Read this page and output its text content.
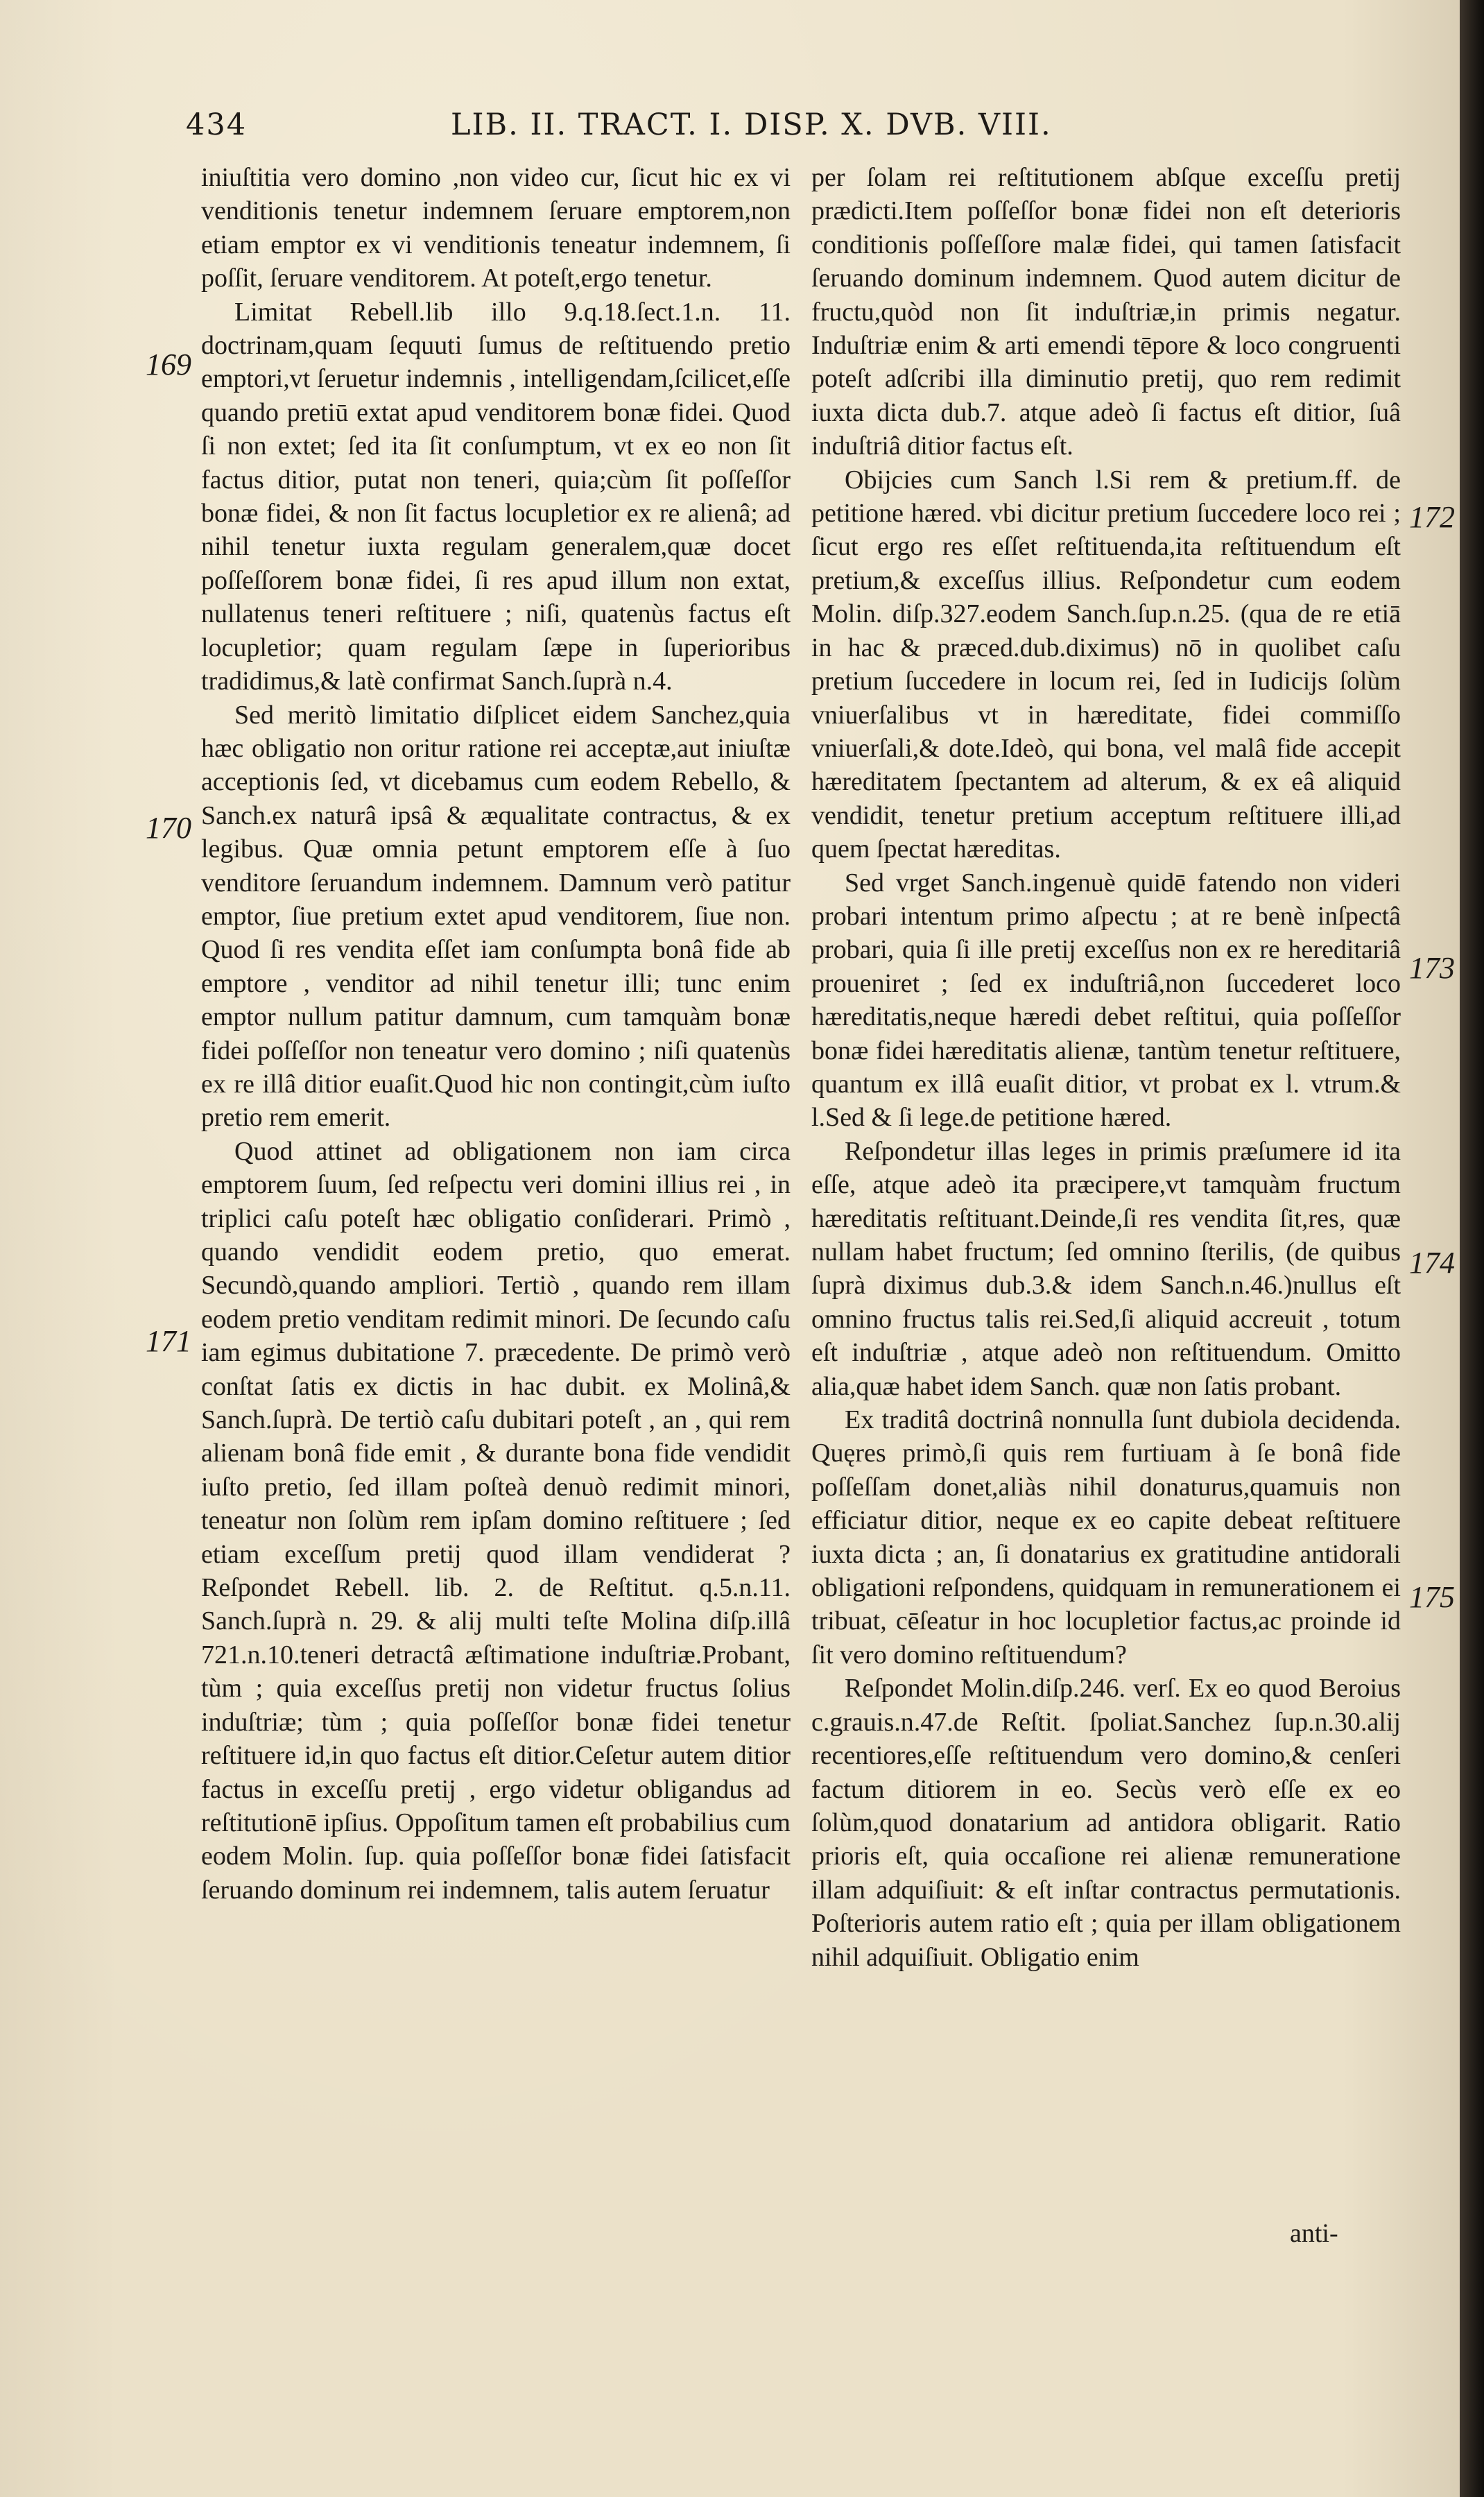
434	LIB. II. TRACT. I. DISP. X. DVB. VIII.

iniuſtitia vero domino ,non video cur, ſicut hic ex vi venditionis tenetur indemnem ſeruare emptorem,non etiam emptor ex vi venditionis teneatur indemnem, ſi poſſit, ſeruare venditorem. At poteſt,ergo tenetur.

Limitat Rebell.lib illo 9.q.18.ſect.1.n. 11. doctrinam,quam ſequuti ſumus de reſtituendo pretio emptori,vt ſeruetur indemnis , intelligendam,ſcilicet,eſſe quando pretiū extat apud venditorem bonæ fidei. Quod ſi non extet; ſed ita ſit conſumptum, vt ex eo non ſit factus ditior, putat non teneri, quia;cùm ſit poſſeſſor bonæ fidei, & non ſit factus locupletior ex re alienâ; ad nihil tenetur iuxta regulam generalem,quæ docet poſſeſſorem bonæ fidei, ſi res apud illum non extat, nullatenus teneri reſtituere ; niſi, quatenùs factus eſt locupletior; quam regulam ſæpe in ſuperioribus tradidimus,& latè confirmat Sanch.ſuprà n.4.

Sed meritò limitatio diſplicet eidem Sanchez,quia hæc obligatio non oritur ratione rei acceptæ,aut iniuſtæ acceptionis ſed, vt dicebamus cum eodem Rebello, & Sanch.ex naturâ ipsâ & æqualitate contractus, & ex legibus. Quæ omnia petunt emptorem eſſe à ſuo venditore ſeruandum indemnem. Damnum verò patitur emptor, ſiue pretium extet apud venditorem, ſiue non. Quod ſi res vendita eſſet iam conſumpta bonâ fide ab emptore , venditor ad nihil tenetur illi; tunc enim emptor nullum patitur damnum, cum tamquàm bonæ fidei poſſeſſor non teneatur vero domino ; niſi quatenùs ex re illâ ditior euaſit.Quod hic non contingit,cùm iuſto pretio rem emerit.

Quod attinet ad obligationem non iam circa emptorem ſuum, ſed reſpectu veri domini illius rei , in triplici caſu poteſt hæc obligatio conſiderari. Primò , quando vendidit eodem pretio, quo emerat. Secundò,quando ampliori. Tertiò , quando rem illam eodem pretio venditam redimit minori. De ſecundo caſu iam egimus dubitatione 7. præcedente. De primò verò conſtat ſatis ex dictis in hac dubit. ex Molinâ,& Sanch.ſuprà. De tertiò caſu dubitari poteſt , an , qui rem alienam bonâ fide emit , & durante bona fide vendidit iuſto pretio, ſed illam poſteà denuò redimit minori, teneatur non ſolùm rem ipſam domino reſtituere ; ſed etiam exceſſum pretij quod illam vendiderat ? Reſpondet Rebell. lib. 2. de Reſtitut. q.5.n.11. Sanch.ſuprà n. 29. & alij multi teſte Molina diſp.illâ 721.n.10.teneri detractâ æſtimatione induſtriæ.Probant, tùm ; quia exceſſus pretij non videtur fructus ſolius induſtriæ; tùm ; quia poſſeſſor bonæ fidei tenetur reſtituere id,in quo factus eſt ditior.Ceſetur autem ditior factus in exceſſu pretij , ergo videtur obligandus ad reſtitutionē ipſius. Oppoſitum tamen eſt probabilius cum eodem Molin. ſup. quia poſſeſſor bonæ fidei ſatisfacit ſeruando dominum rei indemnem, talis autem ſeruatur

per ſolam rei reſtitutionem abſque exceſſu pretij prædicti.Item poſſeſſor bonæ fidei non eſt deterioris conditionis poſſeſſore malæ fidei, qui tamen ſatisfacit ſeruando dominum indemnem. Quod autem dicitur de fructu,quòd non ſit induſtriæ,in primis negatur. Induſtriæ enim & arti emendi tēpore & loco congruenti poteſt adſcribi illa diminutio pretij, quo rem redimit iuxta dicta dub.7. atque adeò ſi factus eſt ditior, ſuâ induſtriâ ditior factus eſt.

Obijcies cum Sanch l.Si rem & pretium.ff. de petitione hæred. vbi dicitur pretium ſuccedere loco rei ; ſicut ergo res eſſet reſtituenda,ita reſtituendum eſt pretium,& exceſſus illius. Reſpondetur cum eodem Molin. diſp.327.eodem Sanch.ſup.n.25. (qua de re etiā in hac & præced.dub.diximus) nō in quolibet caſu pretium ſuccedere in locum rei, ſed in Iudicijs ſolùm vniuerſalibus vt in hæreditate, fidei commiſſo vniuerſali,& dote.Ideò, qui bona, vel malâ fide accepit hæreditatem ſpectantem ad alterum, & ex eâ aliquid vendidit, tenetur pretium acceptum reſtituere illi,ad quem ſpectat hæreditas.

Sed vrget Sanch.ingenuè quidē fatendo non videri probari intentum primo aſpectu ; at re benè inſpectâ probari, quia ſi ille pretij exceſſus non ex re hereditariâ proueniret ; ſed ex induſtriâ,non ſuccederet loco hæreditatis,neque hæredi debet reſtitui, quia poſſeſſor bonæ fidei hæreditatis alienæ, tantùm tenetur reſtituere, quantum ex illâ euaſit ditior, vt probat ex l. vtrum.& l.Sed & ſi lege.de petitione hæred.

Reſpondetur illas leges in primis præſumere id ita eſſe, atque adeò ita præcipere,vt tamquàm fructum hæreditatis reſtituant.Deinde,ſi res vendita ſit,res, quæ nullam habet fructum; ſed omnino ſterilis, (de quibus ſuprà diximus dub.3.& idem Sanch.n.46.)nullus eſt omnino fructus talis rei.Sed,ſi aliquid accreuit , totum eſt induſtriæ , atque adeò non reſtituendum. Omitto alia,quæ habet idem Sanch. quæ non ſatis probant.

Ex traditâ doctrinâ nonnulla ſunt dubiola decidenda. Quęres primò,ſi quis rem furtiuam à ſe bonâ fide poſſeſſam donet,aliàs nihil donaturus,quamuis non efficiatur ditior, neque ex eo capite debeat reſtituere iuxta dicta ; an, ſi donatarius ex gratitudine antidorali obligationi reſpondens, quidquam in remunerationem ei tribuat, cēſeatur in hoc locupletior factus,ac proinde id ſit vero domino reſtituendum?

Reſpondet Molin.diſp.246. verſ. Ex eo quod Beroius c.grauis.n.47.de Reſtit. ſpoliat.Sanchez ſup.n.30.alij recentiores,eſſe reſtituendum vero domino,& cenſeri factum ditiorem in eo. Secùs verò eſſe ex eo ſolùm,quod donatarium ad antidora obligarit. Ratio prioris eſt, quia occaſione rei alienæ remuneratione illam adquiſiuit: & eſt inſtar contractus permutationis. Poſterioris autem ratio eſt ; quia per illam obligationem nihil adquiſiuit. Obligatio enim

169
170
171
172
173
174
175
anti-
